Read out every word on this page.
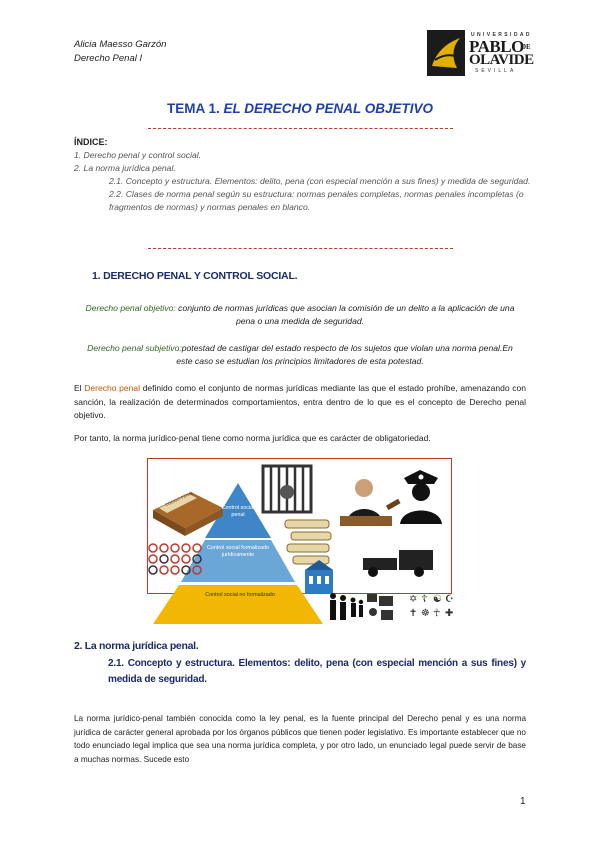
Alicia Maesso Garzón
Derecho Penal I
UNIVERSIDAD
PABLO
DE
OLAVIDE
SEVILLA
TEMA 1. EL DERECHO PENAL OBJETIVO
ÍNDICE:
1. Derecho penal y control social.
2. La norma jurídica penal.
2.1. Concepto y estructura. Elementos: delito, pena (con especial mención a sus fines) y medida de seguridad.
2.2. Clases de norma penal según su estructura: normas penales completas, normas penales incompletas (o fragmentos de normas) y normas penales en blanco.
1. DERECHO PENAL Y CONTROL SOCIAL.
Derecho penal objetivo: conjunto de normas jurídicas que asocian la comisión de un delito a la aplicación de una pena o una medida de seguridad.
Derecho penal subjetivo:potestad de castigar del estado respecto de los sujetos que violan una norma penal.En este caso se estudian los principios limitadores de esta potestad.
El Derecho penal definido como el conjunto de normas jurídicas mediante las que el estado prohíbe, amenazando con sanción, la realización de determinados comportamientos, entra dentro de lo que es el concepto de Derecho penal objetivo.
Por tanto, la norma jurídico-penal tiene como norma jurídica que es carácter de obligatoriedad.
✡ ☦ ☯ ☪
✝ ☸ ☥ ✚
CODIGO PENAL
Control social penal
Control social formalizado jurídicamente
Control social no formalizado
2. La norma jurídica penal.
2.1. Concepto y estructura. Elementos: delito, pena (con especial mención a sus fines) y medida de seguridad.
La norma jurídico-penal también conocida como la ley penal, es la fuente principal del Derecho penal y es una norma jurídica de carácter general aprobada por los órganos públicos que tienen poder legislativo. Es importante establecer que no todo enunciado legal implica que sea una norma jurídica completa, y por otro lado, un enunciado legal puede servir de base a muchas normas. Sucede esto
1
